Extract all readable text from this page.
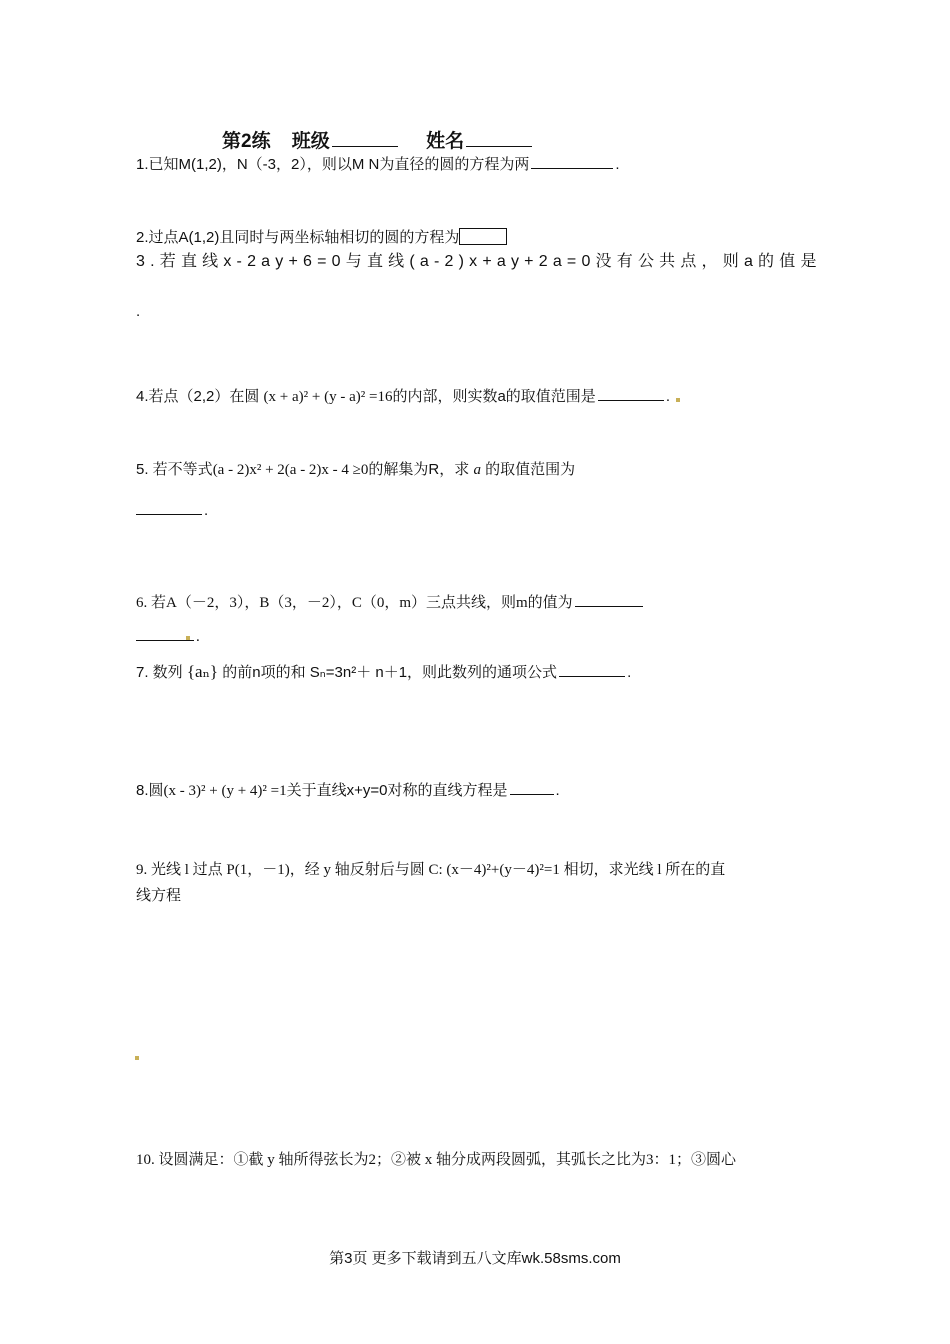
第2练 班级	姓名
1.已知M(1,2)，N（-3，2），则以M N为直径的圆的方程为两	.
2.过点A(1,2)且同时与两坐标轴相切的圆的方程为
3.若直线x-2ay+6=0与直线(a-2)x+ay+2a=0没有公共点，则a的值是
.
4.若点（2,2）在圆 (x + a)² + (y - a)² =16的内部，则实数a的取值范围是	.
5. 若不等式(a - 2)x² + 2(a - 2)x - 4 ≥0的解集为R，求 a 的取值范围为
.
6. 若A（－2，3），B（3，－2），C（0，m）三点共线，则m的值为
.
7. 数列 {aₙ} 的前n项的和 Sₙ=3n²＋ n＋1，则此数列的通项公式	.
8.圆(x - 3)² + (y + 4)² =1关于直线x+y=0对称的直线方程是	.
9. 光线 l 过点 P(1，－1)，经 y 轴反射后与圆 C: (x－4)²+(y－4)²=1 相切，求光线 l 所在的直
线方程
10. 设圆满足：①截 y 轴所得弦长为2；②被 x 轴分成两段圆弧，其弧长之比为3：1；③圆心
第3页 更多下载请到五八文库wk.58sms.com
